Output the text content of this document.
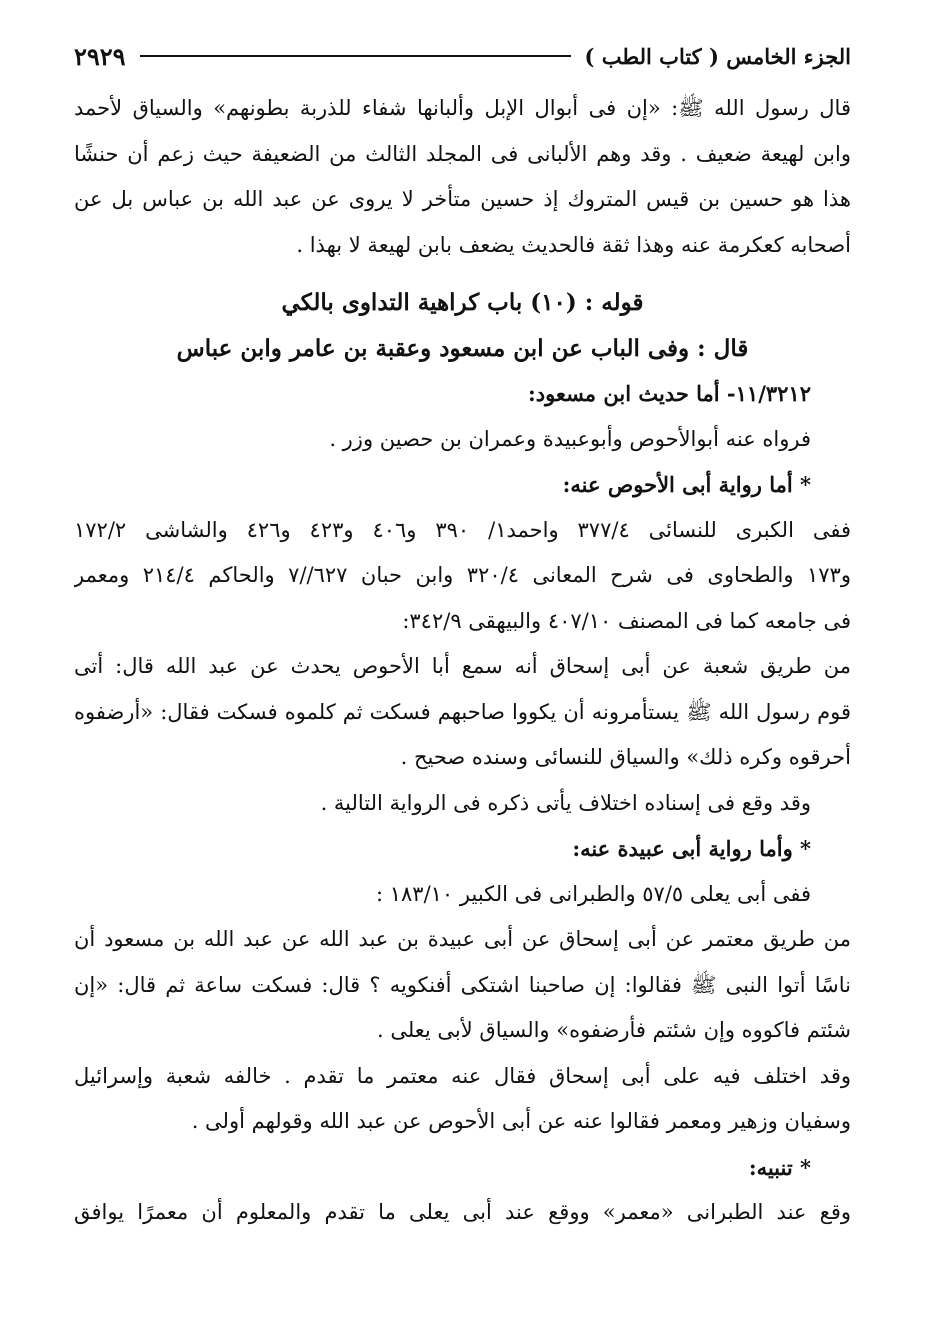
الجزء الخامس ( كتاب الطب )
٢٩٢٩
قال رسول الله ﷺ: «إن فى أبوال الإبل وألبانها شفاء للذربة بطونهم» والسياق لأحمد
وابن لهيعة ضعيف . وقد وهم الألبانى فى المجلد الثالث من الضعيفة حيث زعم أن حنشًا
هذا هو حسين بن قيس المتروك إذ حسين متأخر لا يروى عن عبد الله بن عباس بل عن
أصحابه كعكرمة عنه وهذا ثقة فالحديث يضعف بابن لهيعة لا بهذا .
قوله : (١٠) باب كراهية التداوى بالكي
قال : وفى الباب عن ابن مسعود وعقبة بن عامر وابن عباس
١١/٣٢١٢- أما حديث ابن مسعود:
فرواه عنه أبوالأحوص وأبوعبيدة وعمران بن حصين وزر .
* أما رواية أبى الأحوص عنه:
ففى الكبرى للنسائى ٣٧٧/٤ واحمد١/ ٣٩٠ و٤٠٦ و٤٢٣ و٤٢٦ والشاشى ١٧٢/٢
و١٧٣ والطحاوى فى شرح المعانى ٣٢٠/٤ وابن حبان ٦٢٧//٧ والحاكم ٢١٤/٤ ومعمر
فى جامعه كما فى المصنف ٤٠٧/١٠ والبيهقى ٣٤٢/٩:
من طريق شعبة عن أبى إسحاق أنه سمع أبا الأحوص يحدث عن عبد الله قال: أتى
قوم رسول الله ﷺ يستأمرونه أن يكووا صاحبهم فسكت ثم كلموه فسكت فقال: «أرضفوه
أحرقوه وكره ذلك» والسياق للنسائى وسنده صحيح .
وقد وقع فى إسناده اختلاف يأتى ذكره فى الرواية التالية .
* وأما رواية أبى عبيدة عنه:
ففى أبى يعلى ٥٧/٥ والطبرانى فى الكبير ١٨٣/١٠ :
من طريق معتمر عن أبى إسحاق عن أبى عبيدة بن عبد الله عن عبد الله بن مسعود أن
ناسًا أتوا النبى ﷺ فقالوا: إن صاحبنا اشتكى أفنكويه ؟ قال: فسكت ساعة ثم قال: «إن
شئتم فاكووه وإن شئتم فأرضفوه» والسياق لأبى يعلى .
وقد اختلف فيه على أبى إسحاق فقال عنه معتمر ما تقدم . خالفه شعبة وإسرائيل
وسفيان وزهير ومعمر فقالوا عنه عن أبى الأحوص عن عبد الله وقولهم أولى .
* تنبيه:
وقع عند الطبرانى «معمر» ووقع عند أبى يعلى ما تقدم والمعلوم أن معمرًا يوافق
